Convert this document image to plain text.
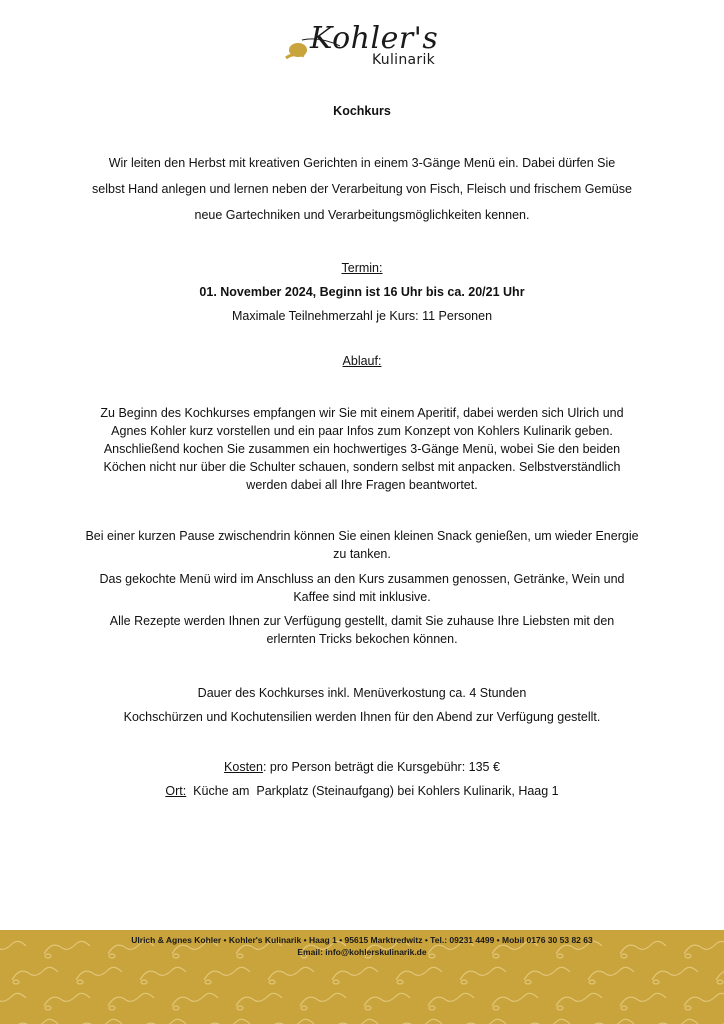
Kohler's
Kulinarik
Kochkurs

Wir leiten den Herbst mit kreativen Gerichten in einem 3-Gänge Menü ein. Dabei dürfen Sie

selbst Hand anlegen und lernen neben der Verarbeitung von Fisch, Fleisch und frischem Gemüse

neue Gartechniken und Verarbeitungsmöglichkeiten kennen.

Termin:

01. November 2024, Beginn ist 16 Uhr bis ca. 20/21 Uhr

Maximale Teilnehmerzahl je Kurs: 11 Personen

Ablauf:

Zu Beginn des Kochkurses empfangen wir Sie mit einem Aperitif, dabei werden sich Ulrich und

Agnes Kohler kurz vorstellen und ein paar Infos zum Konzept von Kohlers Kulinarik geben.

Anschließend kochen Sie zusammen ein hochwertiges 3-Gänge Menü, wobei Sie den beiden

Köchen nicht nur über die Schulter schauen, sondern selbst mit anpacken. Selbstverständlich

werden dabei all Ihre Fragen beantwortet.

Bei einer kurzen Pause zwischendrin können Sie einen kleinen Snack genießen, um wieder Energie

zu tanken.

Das gekochte Menü wird im Anschluss an den Kurs zusammen genossen, Getränke, Wein und

Kaffee sind mit inklusive.

Alle Rezepte werden Ihnen zur Verfügung gestellt, damit Sie zuhause Ihre Liebsten mit den

erlernten Tricks bekochen können.

Dauer des Kochkurses inkl. Menüverkostung ca. 4 Stunden

Kochschürzen und Kochutensilien werden Ihnen für den Abend zur Verfügung gestellt.

Kosten: pro Person beträgt die Kursgebühr: 135 €

Ort:  Küche am  Parkplatz (Steinaufgang) bei Kohlers Kulinarik, Haag 1

Ulrich & Agnes Kohler • Kohler's Kulinarik • Haag 1 • 95615 Marktredwitz • Tel.: 09231 4499 • Mobil 0176 30 53 82 63
Email: info@kohlerskulinarik.de
